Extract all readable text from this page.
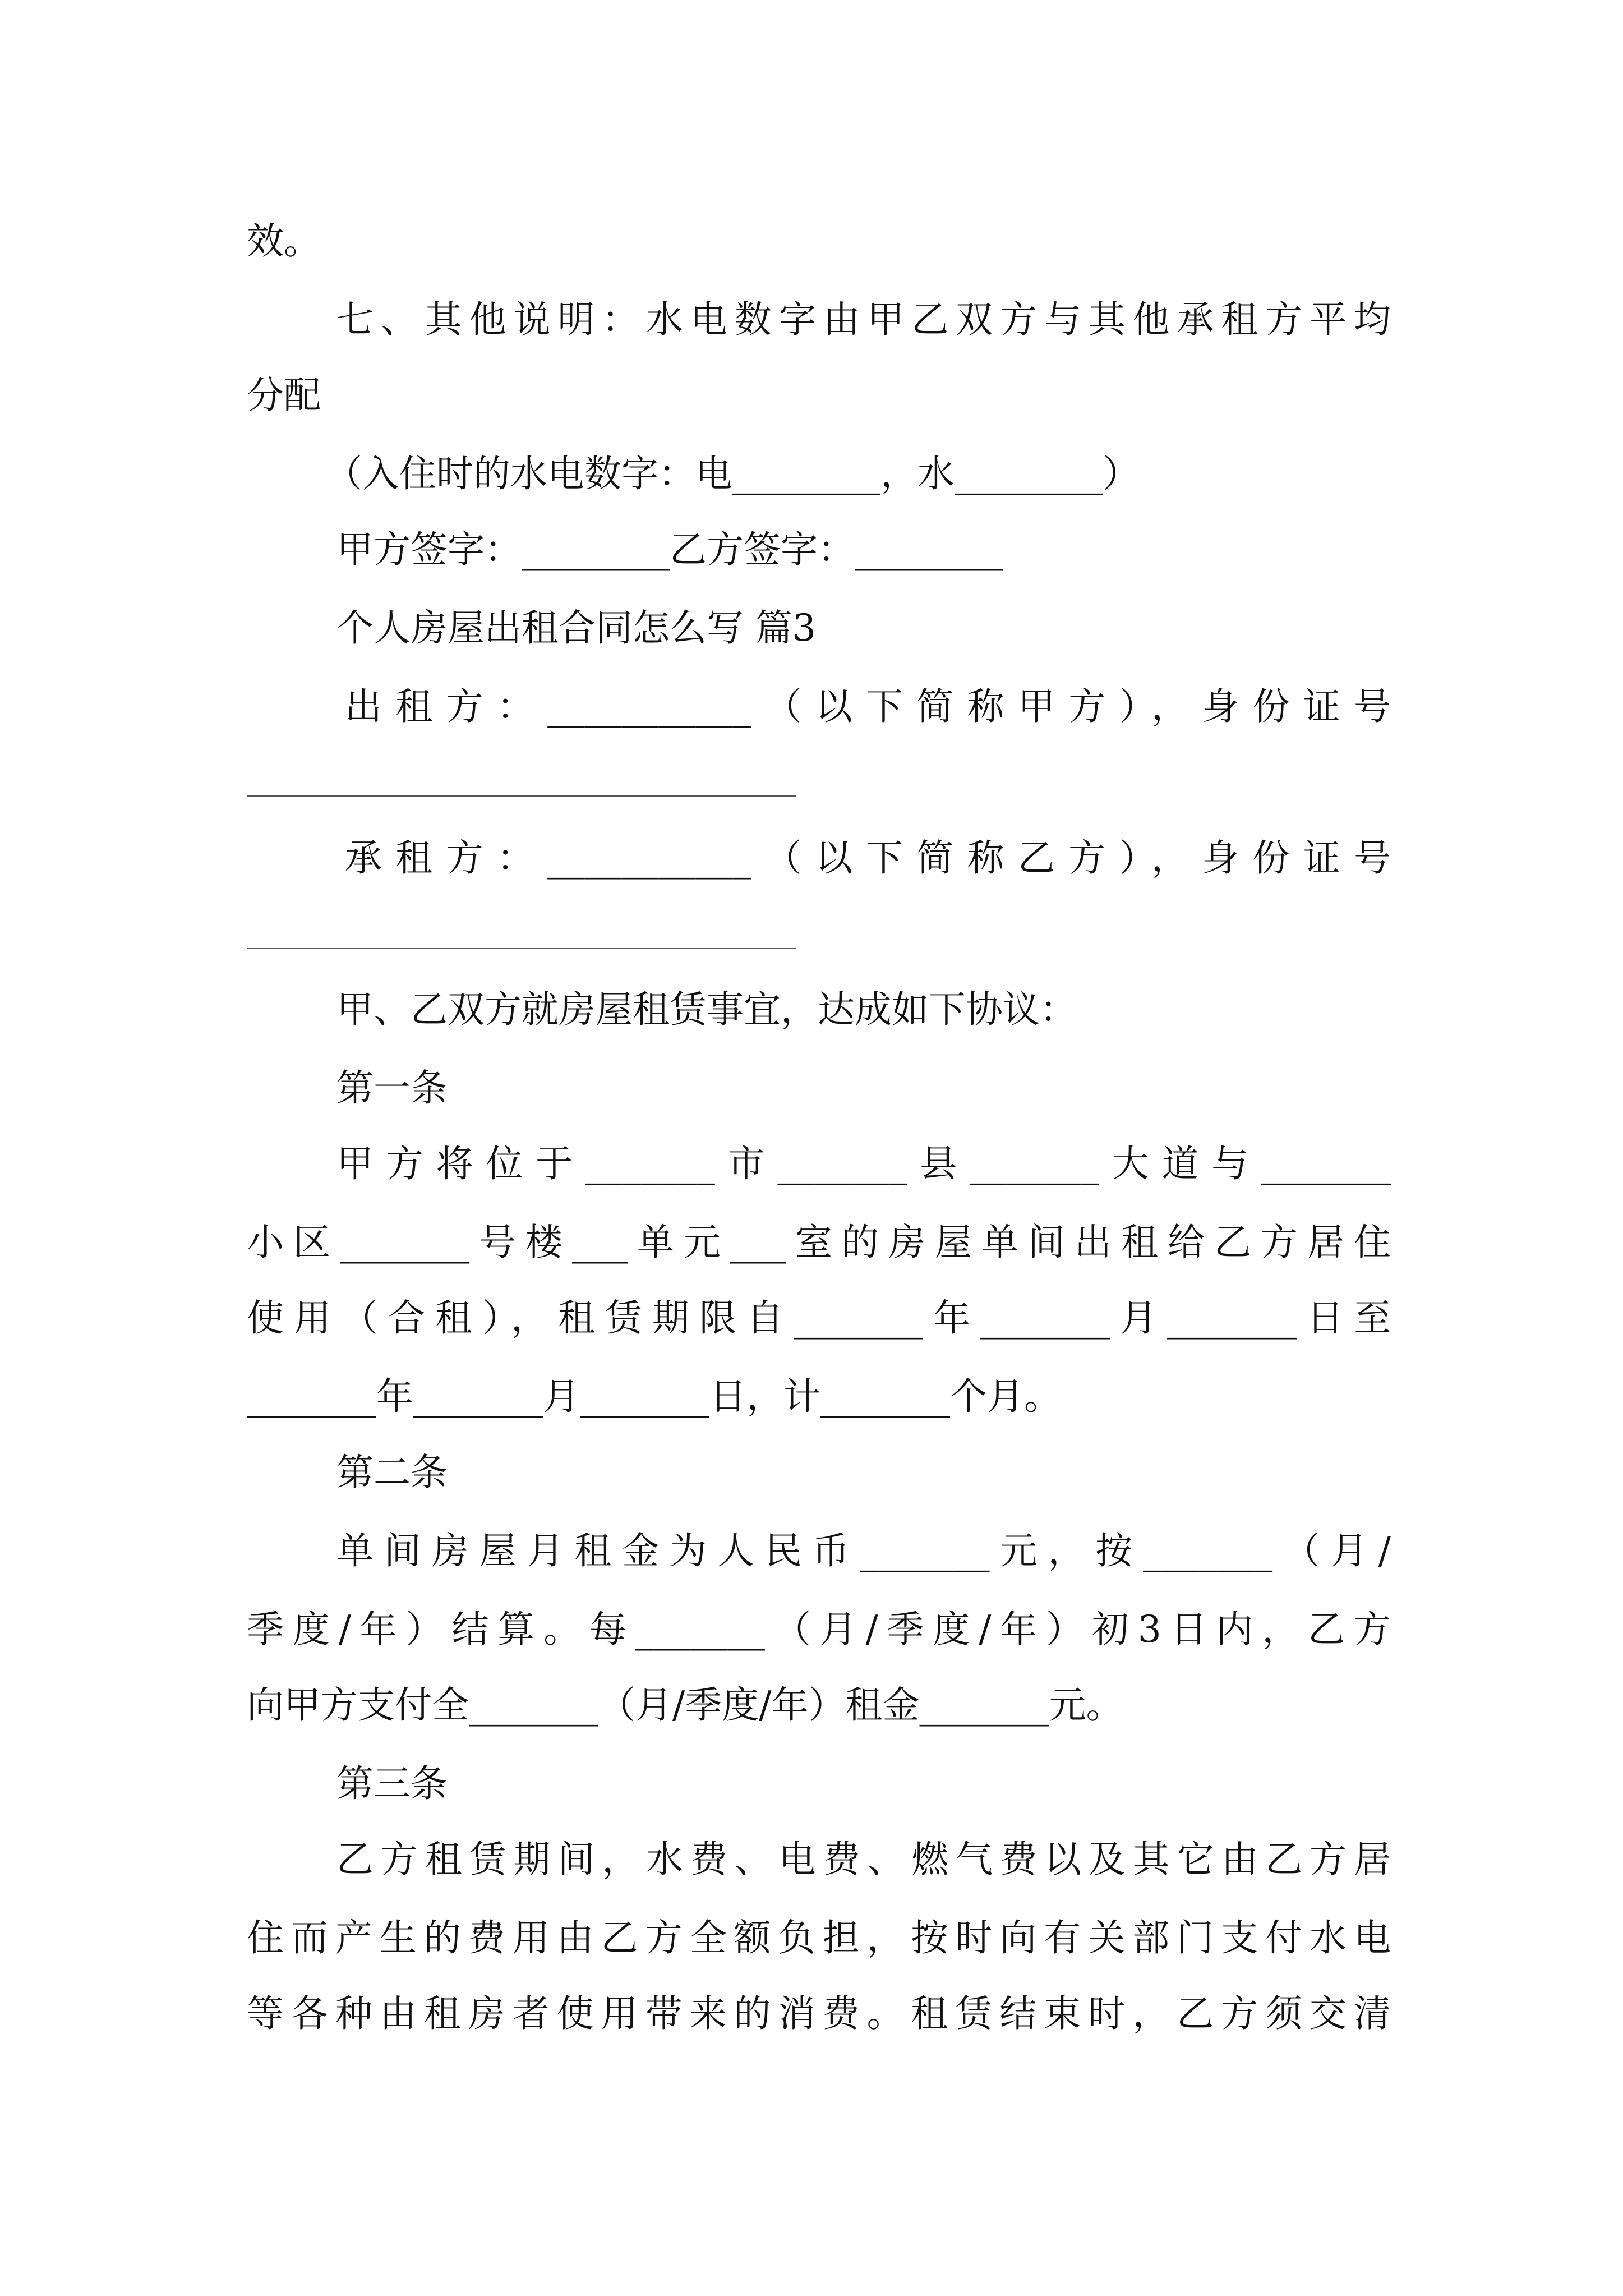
效。
七、其他说明：水电数字由甲乙双方与其他承租方平均
分配
（入住时的水电数字：电________，水________）
甲方签字：________乙方签字：________
个人房屋出租合同怎么写 篇3
出租方：___________（以下简称甲方），身份证号
承租方：___________（以下简称乙方），身份证号
甲、乙双方就房屋租赁事宜，达成如下协议：
第一条
甲方将位于_______市_______县_______大道与_______
小区_______号楼___单元___室的房屋单间出租给乙方居住
使用（合租），租赁期限自_______年_______月_______日至
_______年_______月_______日，计_______个月。
第二条
单间房屋月租金为人民币_______元，按_______（月/
季度/年）结算。每_______（月/季度/年）初3日内，乙方
向甲方支付全_______（月/季度/年）租金_______元。
第三条
乙方租赁期间，水费、电费、燃气费以及其它由乙方居
住而产生的费用由乙方全额负担，按时向有关部门支付水电
等各种由租房者使用带来的消费。租赁结束时，乙方须交清
